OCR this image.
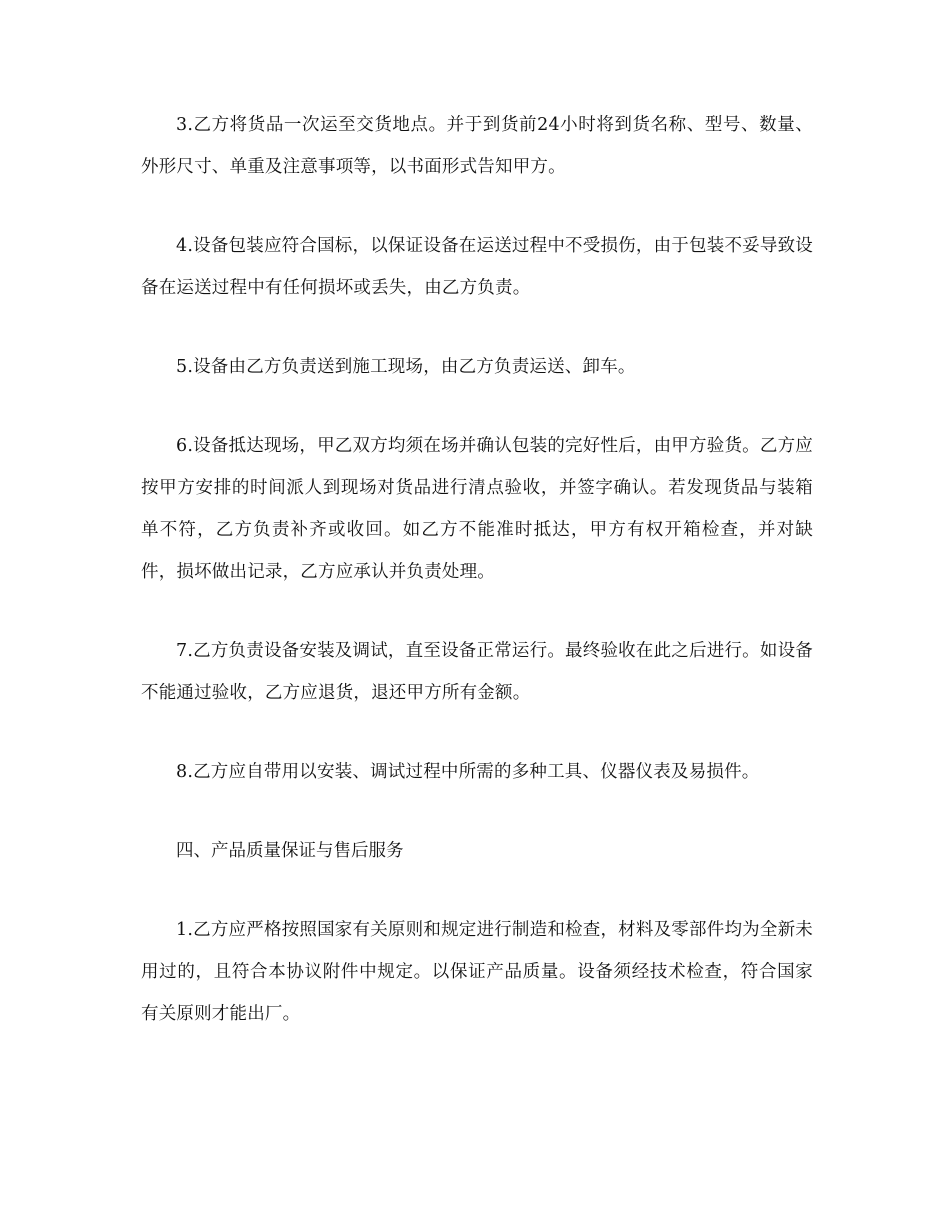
3.乙方将货品一次运至交货地点。并于到货前24小时将到货名称、型号、数量、外形尺寸、单重及注意事项等，以书面形式告知甲方。

4.设备包装应符合国标，以保证设备在运送过程中不受损伤，由于包装不妥导致设备在运送过程中有任何损坏或丢失，由乙方负责。

5.设备由乙方负责送到施工现场，由乙方负责运送、卸车。

6.设备抵达现场，甲乙双方均须在场并确认包装的完好性后，由甲方验货。乙方应按甲方安排的时间派人到现场对货品进行清点验收，并签字确认。若发现货品与装箱单不符，乙方负责补齐或收回。如乙方不能准时抵达，甲方有权开箱检查，并对缺件，损坏做出记录，乙方应承认并负责处理。

7.乙方负责设备安装及调试，直至设备正常运行。最终验收在此之后进行。如设备不能通过验收，乙方应退货，退还甲方所有金额。

8.乙方应自带用以安装、调试过程中所需的多种工具、仪器仪表及易损件。

四、产品质量保证与售后服务

1.乙方应严格按照国家有关原则和规定进行制造和检查，材料及零部件均为全新未用过的，且符合本协议附件中规定。以保证产品质量。设备须经技术检查，符合国家有关原则才能出厂。
